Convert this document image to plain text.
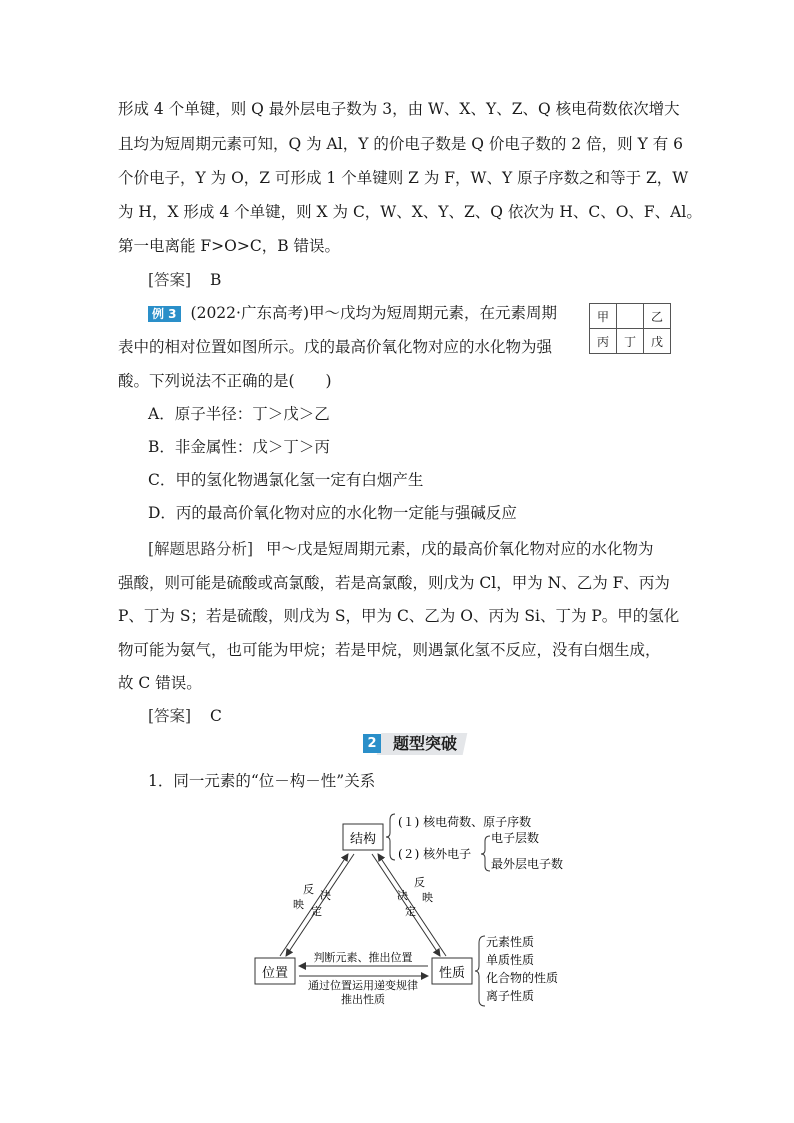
形成 4 个单键，则 Q 最外层电子数为 3，由 W、X、Y、Z、Q 核电荷数依次增大
且均为短周期元素可知，Q 为 Al，Y 的价电子数是 Q 价电子数的 2 倍，则 Y 有 6
个价电子，Y 为 O，Z 可形成 1 个单键则 Z 为 F，W、Y 原子序数之和等于 Z，W
为 H，X 形成 4 个单键，则 X 为 C，W、X、Y、Z、Q 依次为 H、C、O、F、Al。
第一电离能 F>O>C，B 错误。
[答案] B
例 3 (2022·广东高考)甲～戊均为短周期元素，在元素周期
表中的相对位置如图所示。戊的最高价氧化物对应的水化物为强
酸。下列说法不正确的是(　　)
甲		乙
丙	丁	戊
A．原子半径：丁＞戊＞乙
B．非金属性：戊＞丁＞丙
C．甲的氢化物遇氯化氢一定有白烟产生
D．丙的最高价氧化物对应的水化物一定能与强碱反应
[解题思路分析] 甲～戊是短周期元素，戊的最高价氧化物对应的水化物为
强酸，则可能是硫酸或高氯酸，若是高氯酸，则戊为 Cl，甲为 N、乙为 F、丙为
P、丁为 S；若是硫酸，则戊为 S，甲为 C、乙为 O、丙为 Si、丁为 P。甲的氢化
物可能为氨气，也可能为甲烷；若是甲烷，则遇氯化氢不反应，没有白烟生成，
故 C 错误。
[答案] C
2 题型突破
1．同一元素的“位－构－性”关系
结构
位置	性质
判断元素、推出位置
通过位置运用递变规律
推出性质
反
映
决
定
决
定
反
映
(１) 核电荷数、原子序数
(２) 核外电子
电子层数
最外层电子数
元素性质
单质性质
化合物的性质
离子性质
